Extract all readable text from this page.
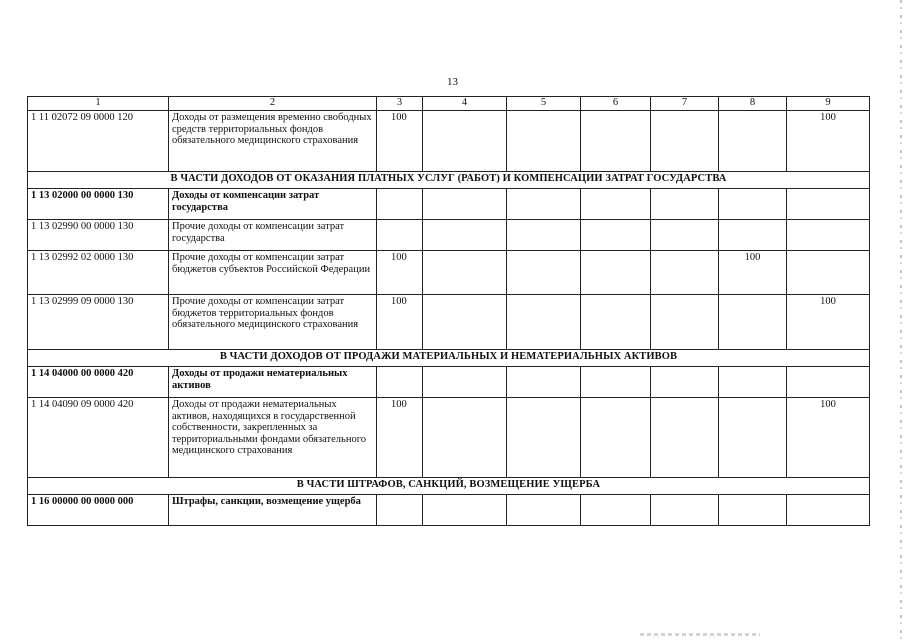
13
1	2	3	4	5	6	7	8	9
1 11 02072 09 0000 120	Доходы от размещения временно свободных средств территориальных фондов обязательного медицинского страхования	100						100
В ЧАСТИ ДОХОДОВ ОТ ОКАЗАНИЯ ПЛАТНЫХ УСЛУГ (РАБОТ) И КОМПЕНСАЦИИ ЗАТРАТ ГОСУДАРСТВА								
1 13 02000 00 0000 130	Доходы от компенсации затрат государства							
1 13 02990 00 0000 130	Прочие доходы от компенсации затрат государства							
1 13 02992 02 0000 130	Прочие доходы от компенсации затрат бюджетов субъектов Российской Федерации	100					100	
1 13 02999 09 0000 130	Прочие доходы от компенсации затрат бюджетов территориальных фондов обязательного медицинского страхования	100						100
В ЧАСТИ ДОХОДОВ ОТ ПРОДАЖИ МАТЕРИАЛЬНЫХ И НЕМАТЕРИАЛЬНЫХ АКТИВОВ								
1 14 04000 00 0000 420	Доходы от продажи нематериальных активов							
1 14 04090 09 0000 420	Доходы от продажи нематериальных активов, находящихся в государственной собственности, закрепленных за территориальными фондами обязательного медицинского страхования	100						100
В ЧАСТИ ШТРАФОВ, САНКЦИЙ, ВОЗМЕЩЕНИЕ УЩЕРБА								
1 16 00000 00 0000 000	Штрафы, санкции, возмещение ущерба							
